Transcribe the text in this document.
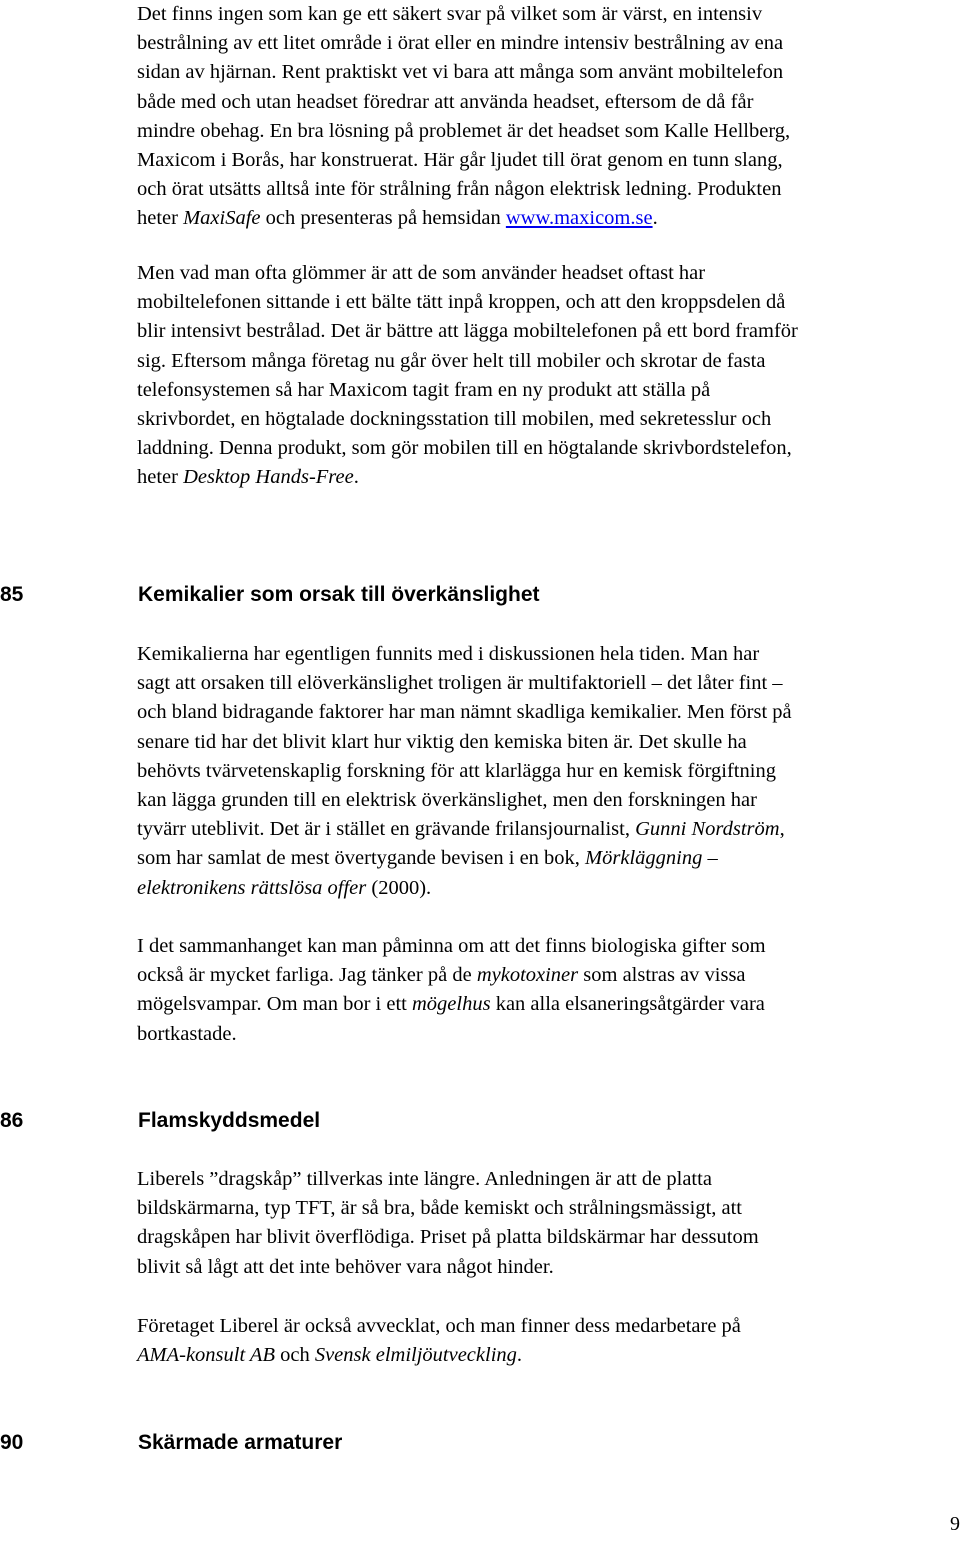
Det finns ingen som kan ge ett säkert svar på vilket som är värst, en intensiv
bestrålning av ett litet område i örat eller en mindre intensiv bestrålning av ena
sidan av hjärnan. Rent praktiskt vet vi bara att många som använt mobiltelefon
både med och utan headset föredrar att använda headset, eftersom de då får
mindre obehag. En bra lösning på problemet är det headset som Kalle Hellberg,
Maxicom i Borås, har konstruerat. Här går ljudet till örat genom en tunn slang,
och örat utsätts alltså inte för strålning från någon elektrisk ledning. Produkten
heter MaxiSafe och presenteras på hemsidan www.maxicom.se.
Men vad man ofta glömmer är att de som använder headset oftast har
mobiltelefonen sittande i ett bälte tätt inpå kroppen, och att den kroppsdelen då
blir intensivt bestrålad. Det är bättre att lägga mobiltelefonen på ett bord framför
sig. Eftersom många företag nu går över helt till mobiler och skrotar de fasta
telefonsystemen så har Maxicom tagit fram en ny produkt att ställa på
skrivbordet, en högtalade dockningsstation till mobilen, med sekretesslur och
laddning. Denna produkt, som gör mobilen till en högtalande skrivbordstelefon,
heter Desktop Hands-Free.
85	Kemikalier som orsak till överkänslighet
Kemikalierna har egentligen funnits med i diskussionen hela tiden. Man har
sagt att orsaken till elöverkänslighet troligen är multifaktoriell – det låter fint –
och bland bidragande faktorer har man nämnt skadliga kemikalier. Men först på
senare tid har det blivit klart hur viktig den kemiska biten är. Det skulle ha
behövts tvärvetenskaplig forskning för att klarlägga hur en kemisk förgiftning
kan lägga grunden till en elektrisk överkänslighet, men den forskningen har
tyvärr uteblivit. Det är i stället en grävande frilansjournalist, Gunni Nordström,
som har samlat de mest övertygande bevisen i en bok, Mörkläggning –
elektronikens rättslösa offer (2000).
I det sammanhanget kan man påminna om att det finns biologiska gifter som
också är mycket farliga. Jag tänker på de mykotoxiner som alstras av vissa
mögelsvampar. Om man bor i ett mögelhus kan alla elsaneringsåtgärder vara
bortkastade.
86	Flamskyddsmedel
Liberels ”dragskåp” tillverkas inte längre. Anledningen är att de platta
bildskärmarna, typ TFT, är så bra, både kemiskt och strålningsmässigt, att
dragskåpen har blivit överflödiga. Priset på platta bildskärmar har dessutom
blivit så lågt att det inte behöver vara något hinder.
Företaget Liberel är också avvecklat, och man finner dess medarbetare på
AMA-konsult AB och Svensk elmiljöutveckling.
90	Skärmade armaturer
9
